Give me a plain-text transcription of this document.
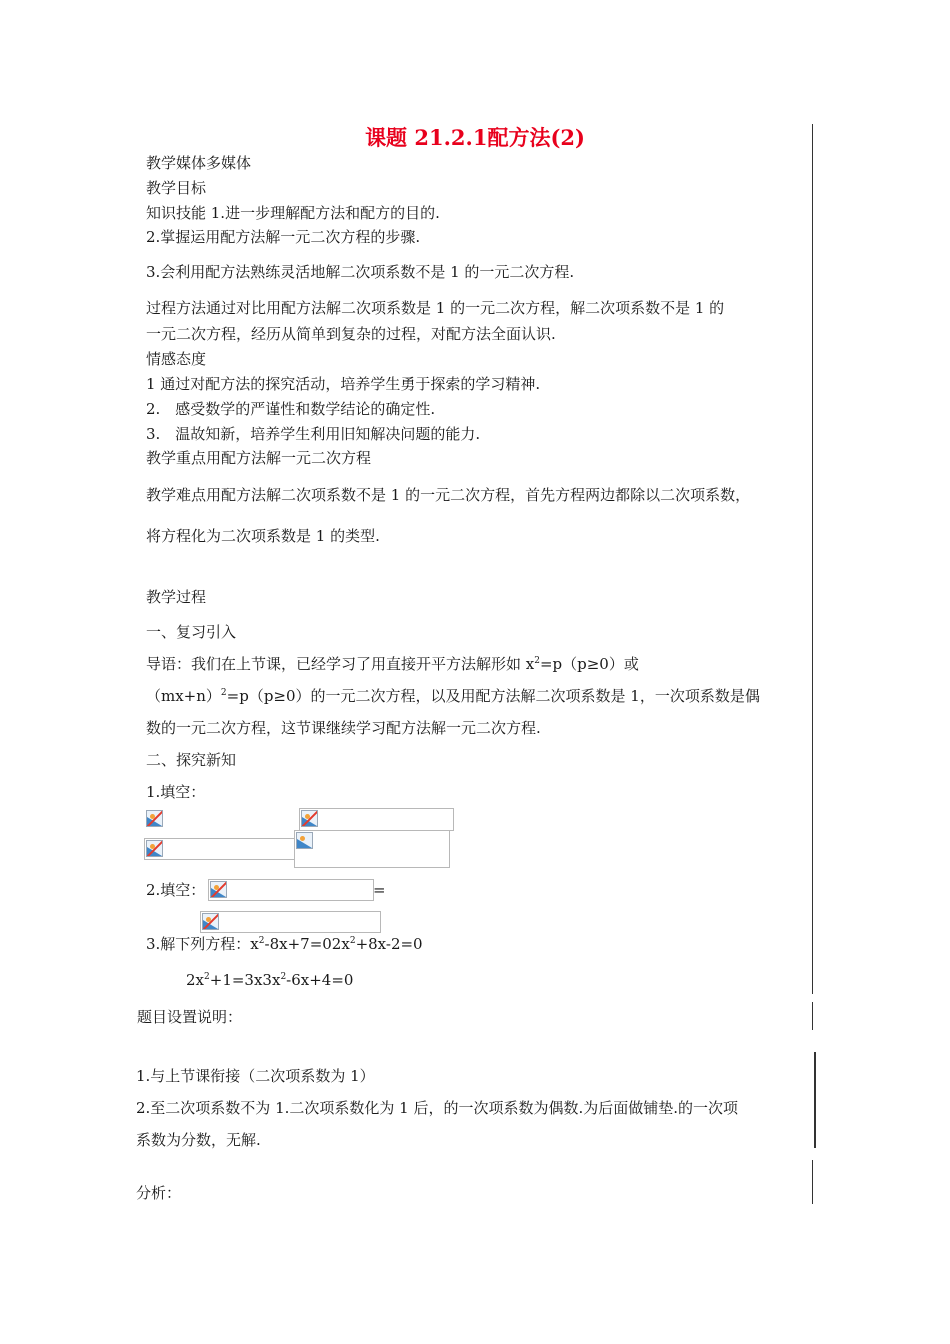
课题 21.2.1配方法(2)
教学媒体多媒体
教学目标
知识技能 1.进一步理解配方法和配方的目的.
2.掌握运用配方法解一元二次方程的步骤.
3.会利用配方法熟练灵活地解二次项系数不是 1 的一元二次方程.
过程方法通过对比用配方法解二次项系数是 1 的一元二次方程，解二次项系数不是 1 的
一元二次方程，经历从简单到复杂的过程，对配方法全面认识.
情感态度
1 通过对配方法的探究活动，培养学生勇于探索的学习精神.
2.　感受数学的严谨性和数学结论的确定性.
3.　温故知新，培养学生利用旧知解决问题的能力.
教学重点用配方法解一元二次方程
教学难点用配方法解二次项系数不是 1 的一元二次方程，首先方程两边都除以二次项系数，
将方程化为二次项系数是 1 的类型.
教学过程
一、复习引入
导语：我们在上节课，已经学习了用直接开平方法解形如 $x^2=p(p\ge 0)$或
$(mx+n)^2=p(p\ge 0)$的一元二次方程，以及用配方法解二次项系数是 1，一次项系数是偶
数的一元二次方程，这节课继续学习配方法解一元二次方程.
二、探究新知
1.填空：
2.填空：	=
3.解下列方程：$x^2-8x+7=02x^2+8x-2=0$
$2x^2+1=3x3x^2-6x+4=0$
题目设置说明：
1.与上节课衔接（二次项系数为 1）
2.至二次项系数不为 1.二次项系数化为 1 后，的一次项系数为偶数.为后面做铺垫.的一次项
系数为分数，无解.
分析：
